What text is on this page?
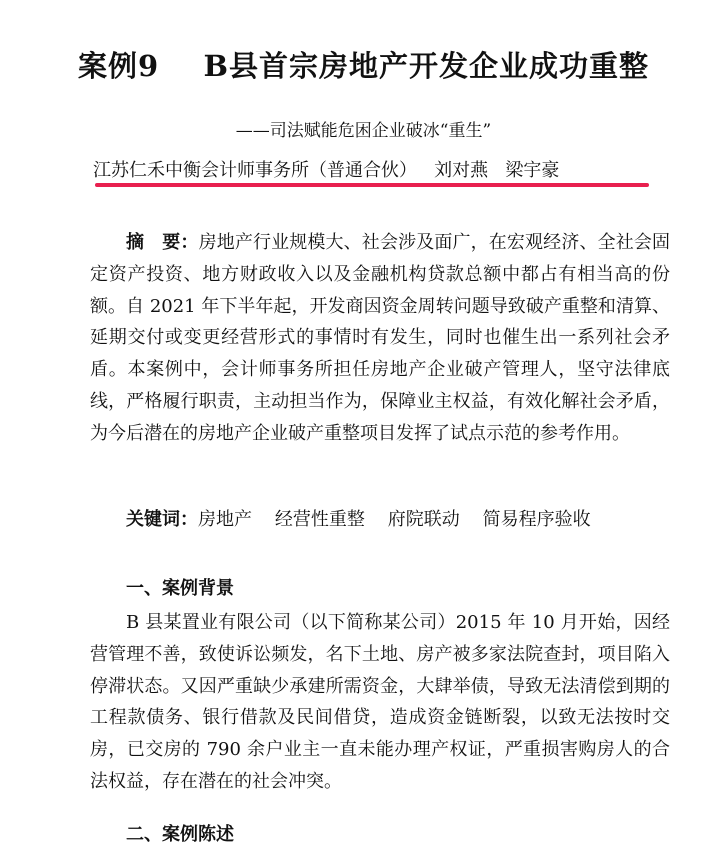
案例9    B县首宗房地产开发企业成功重整
——司法赋能危困企业破冰“重生”
江苏仁禾中衡会计师事务所（普通合伙）   刘对燕   梁宇豪

摘　要：房地产行业规模大、社会涉及面广，在宏观经济、全社会固定资产投资、地方财政收入以及金融机构贷款总额中都占有相当高的份额。自 2021 年下半年起，开发商因资金周转问题导致破产重整和清算、延期交付或变更经营形式的事情时有发生，同时也催生出一系列社会矛盾。本案例中，会计师事务所担任房地产企业破产管理人，坚守法律底线，严格履行职责，主动担当作为，保障业主权益，有效化解社会矛盾，为今后潜在的房地产企业破产重整项目发挥了试点示范的参考作用。

关键词：房地产    经营性重整    府院联动    简易程序验收
一、案例背景

B 县某置业有限公司（以下简称某公司）2015 年 10 月开始，因经营管理不善，致使诉讼频发，名下土地、房产被多家法院查封，项目陷入停滞状态。又因严重缺少承建所需资金，大肆举债，导致无法清偿到期的工程款债务、银行借款及民间借贷，造成资金链断裂，以致无法按时交房，已交房的 790 余户业主一直未能办理产权证，严重损害购房人的合法权益，存在潜在的社会冲突。

二、案例陈述
